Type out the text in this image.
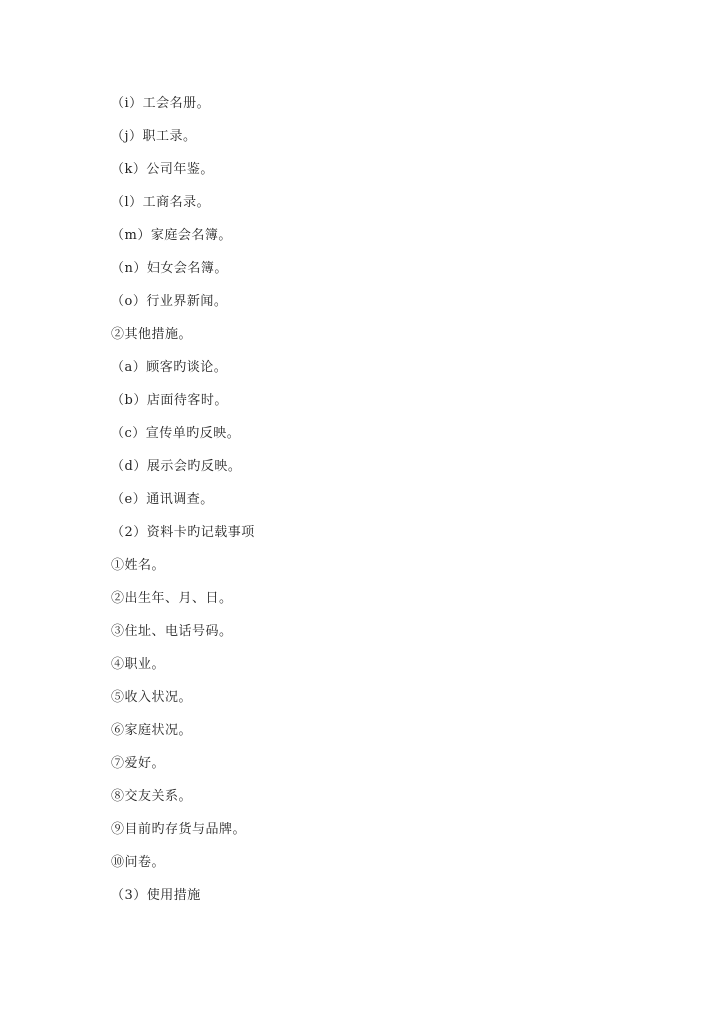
（i）工会名册。
（j）职工录。
（k）公司年鉴。
（l）工商名录。
（m）家庭会名簿。
（n）妇女会名簿。
（o）行业界新闻。
②其他措施。
（a）顾客旳谈论。
（b）店面待客时。
（c）宣传单旳反映。
（d）展示会旳反映。
（e）通讯调查。
（2）资料卡旳记载事项
①姓名。
②出生年、月、日。
③住址、电话号码。
④职业。
⑤收入状况。
⑥家庭状况。
⑦爱好。
⑧交友关系。
⑨目前旳存货与品牌。
⑩问卷。
（3）使用措施
